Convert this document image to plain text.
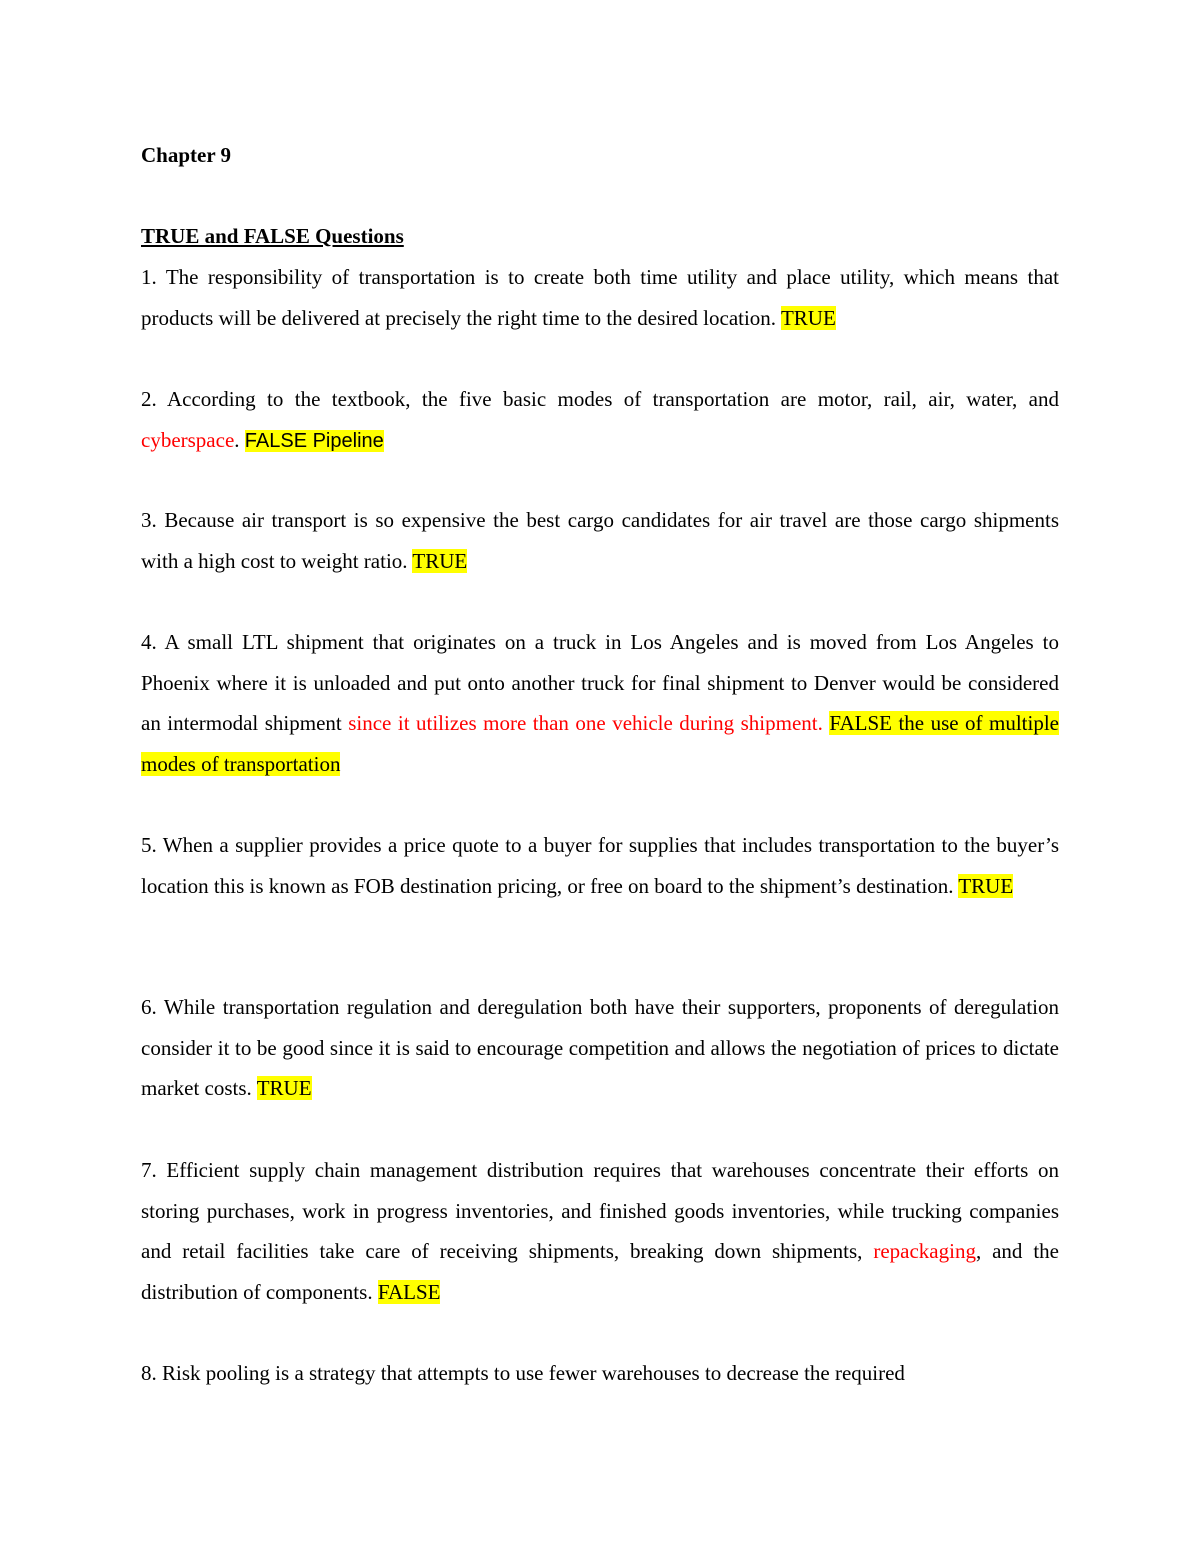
Chapter 9
TRUE and FALSE Questions

1. The responsibility of transportation is to create both time utility and place utility, which means that products will be delivered at precisely the right time to the desired location. TRUE

2. According to the textbook, the five basic modes of transportation are motor, rail, air, water, and cyberspace. FALSE Pipeline

3. Because air transport is so expensive the best cargo candidates for air travel are those cargo shipments with a high cost to weight ratio. TRUE

4. A small LTL shipment that originates on a truck in Los Angeles and is moved from Los Angeles to Phoenix where it is unloaded and put onto another truck for final shipment to Denver would be considered an intermodal shipment since it utilizes more than one vehicle during shipment. FALSE the use of multiple modes of transportation

5. When a supplier provides a price quote to a buyer for supplies that includes transportation to the buyer’s location this is known as FOB destination pricing, or free on board to the shipment’s destination. TRUE

6. While transportation regulation and deregulation both have their supporters, proponents of deregulation consider it to be good since it is said to encourage competition and allows the negotiation of prices to dictate market costs. TRUE

7. Efficient supply chain management distribution requires that warehouses concentrate their efforts on storing purchases, work in progress inventories, and finished goods inventories, while trucking companies and retail facilities take care of receiving shipments, breaking down shipments, repackaging, and the distribution of components. FALSE

8. Risk pooling is a strategy that attempts to use fewer warehouses to decrease the required
